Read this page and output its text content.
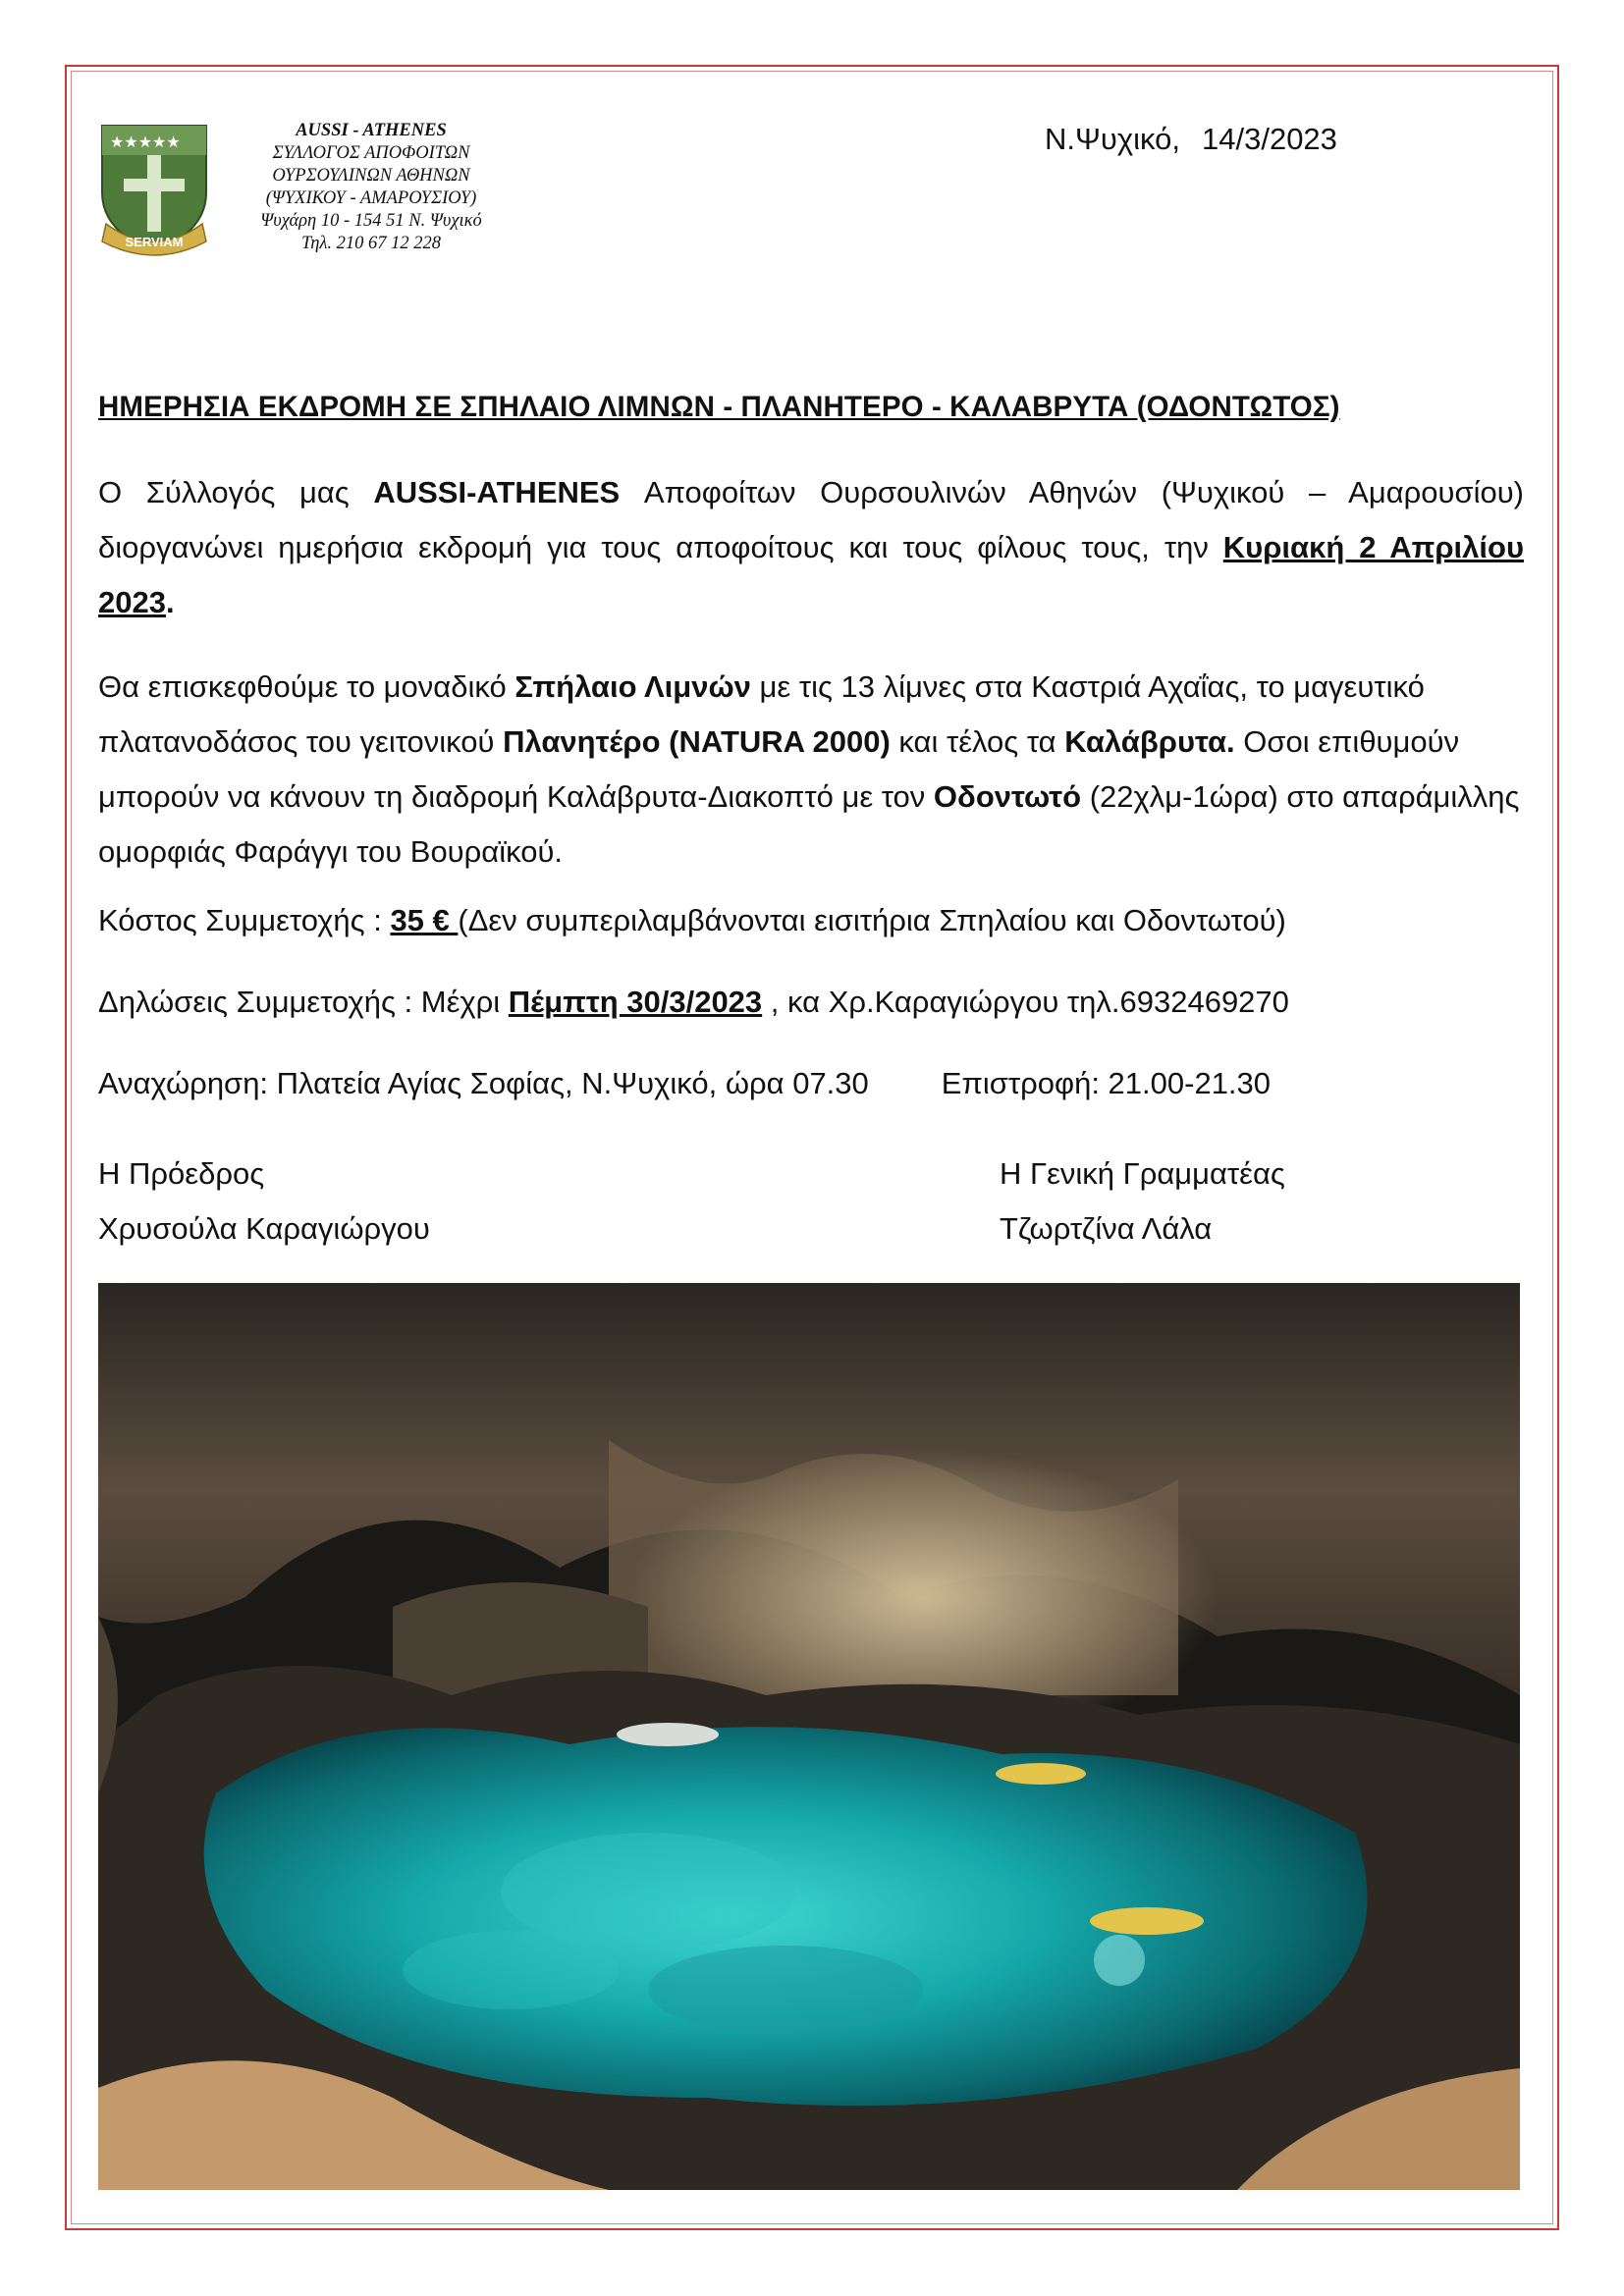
★★★★★
SERVIAM
AUSSI - ATHENES
ΣΥΛΛΟΓΟΣ ΑΠΟΦΟΙΤΩΝ
ΟΥΡΣΟΥΛΙΝΩΝ ΑΘΗΝΩΝ
(ΨΥΧΙΚΟΥ - ΑΜΑΡΟΥΣΙΟΥ)
Ψυχάρη 10 - 154 51 Ν. Ψυχικό
Τηλ. 210 67 12 228
Ν.Ψυχικό, 14/3/2023
ΗΜΕΡΗΣΙΑ ΕΚΔΡΟΜΗ ΣΕ ΣΠΗΛΑΙΟ ΛΙΜΝΩΝ - ΠΛΑΝΗΤΕΡΟ - ΚΑΛΑΒΡΥΤΑ (ΟΔΟΝΤΩΤΟΣ)
Ο Σύλλογός μας AUSSI-ATHENES Αποφοίτων Ουρσουλινών Αθηνών (Ψυχικού – Αμαρουσίου) διοργανώνει ημερήσια εκδρομή για τους αποφοίτους και τους φίλους τους, την Κυριακή 2 Απριλίου 2023.
Θα επισκεφθούμε το μοναδικό Σπήλαιο Λιμνών με τις 13 λίμνες στα Καστριά Αχαΐας, το μαγευτικό πλατανοδάσος του γειτονικού Πλανητέρο (NATURA 2000) και τέλος τα Καλάβρυτα. Οσοι επιθυμούν μπορούν να κάνουν τη διαδρομή Καλάβρυτα-Διακοπτό με τον Οδοντωτό (22χλμ-1ώρα) στο απαράμιλλης ομορφιάς Φαράγγι του Βουραϊκού.
Κόστος Συμμετοχής : 35 € (Δεν συμπεριλαμβάνονται εισιτήρια Σπηλαίου και Οδοντωτού)
Δηλώσεις Συμμετοχής : Μέχρι Πέμπτη 30/3/2023 , κα Χρ.Καραγιώργου τηλ.6932469270
Αναχώρηση: Πλατεία Αγίας Σοφίας, Ν.Ψυχικό, ώρα 07.30 Επιστροφή: 21.00-21.30
Η Πρόεδρος
Χρυσούλα Καραγιώργου
Η Γενική Γραμματέας
Τζωρτζίνα Λάλα
